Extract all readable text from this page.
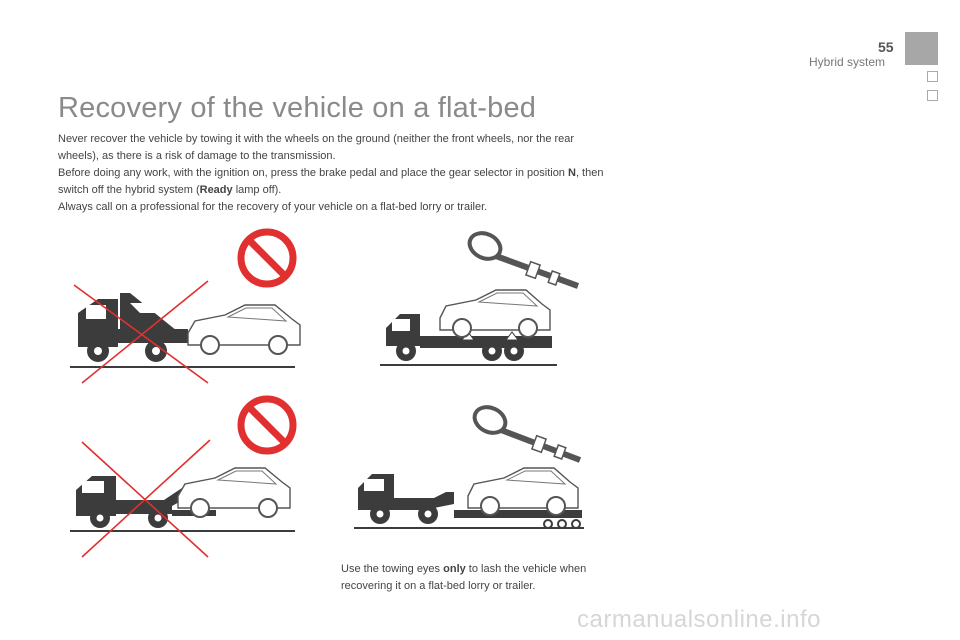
55
Hybrid system
Recovery of the vehicle on a flat-bed

Never recover the vehicle by towing it with the wheels on the ground (neither the front wheels, nor the rear wheels), as there is a risk of damage to the transmission.

Before doing any work, with the ignition on, press the brake pedal and place the gear selector in position N, then switch off the hybrid system (Ready lamp off).

Always call on a professional for the recovery of your vehicle on a flat-bed lorry or trailer.

Use the towing eyes only to lash the vehicle when recovering it on a flat-bed lorry or trailer.
carmanualsonline.info
